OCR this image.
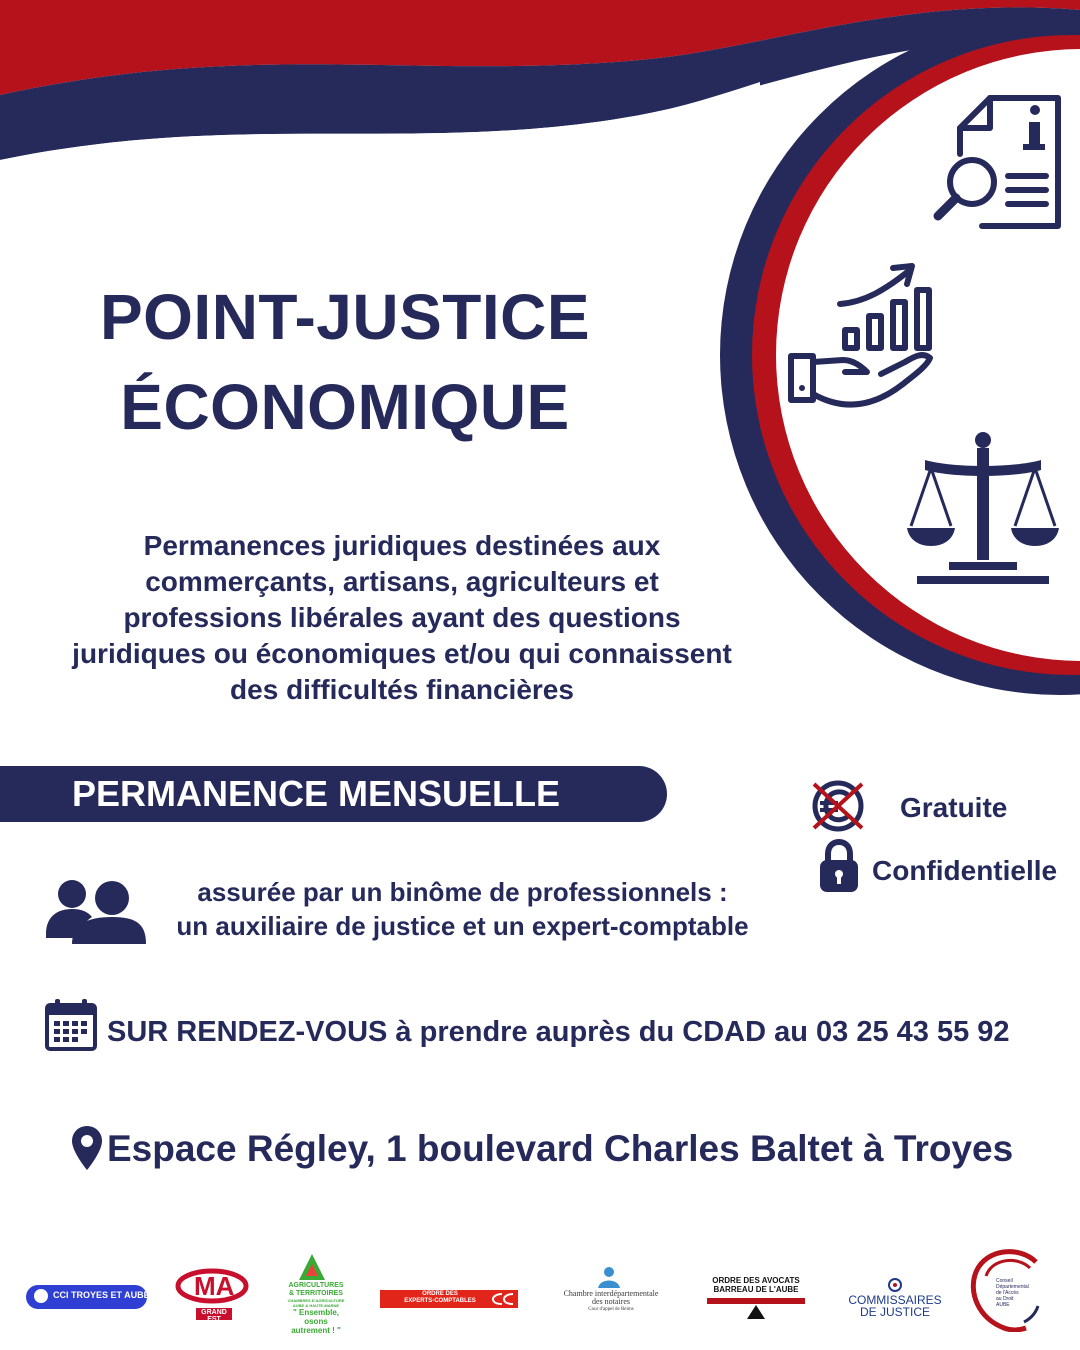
POINT-JUSTICE
ÉCONOMIQUE
Permanences juridiques destinées aux
commerçants, artisans, agriculteurs et
professions libérales ayant des questions
juridiques ou économiques et/ou qui connaissent
des difficultés financières
PERMANENCE MENSUELLE	Gratuite
Confidentielle
assurée par un binôme de professionnels :
un auxiliaire de justice et un expert-comptable
SUR RENDEZ-VOUS à prendre auprès du CDAD au 03 25 43 55 92
Espace Régley, 1 boulevard Charles Baltet à Troyes
CCI TROYES ET AUBE MA
GRAND EST
AGRICULTURES
& TERRITOIRES
CHAMBRES D'AGRICULTURE
AUBE & HAUTE-MARNE
" Ensemble,
osons
autrement ! "
ORDRE DES
EXPERTS-COMPTABLES
Chambre interdépartementale
des notaires
Cour d'appel de Reims
ORDRE DES AVOCATS
BARREAU DE L'AUBE
COMMISSAIRES
DE JUSTICE
Conseil
Départemental
de l'Accès
au Droit
AUBE
